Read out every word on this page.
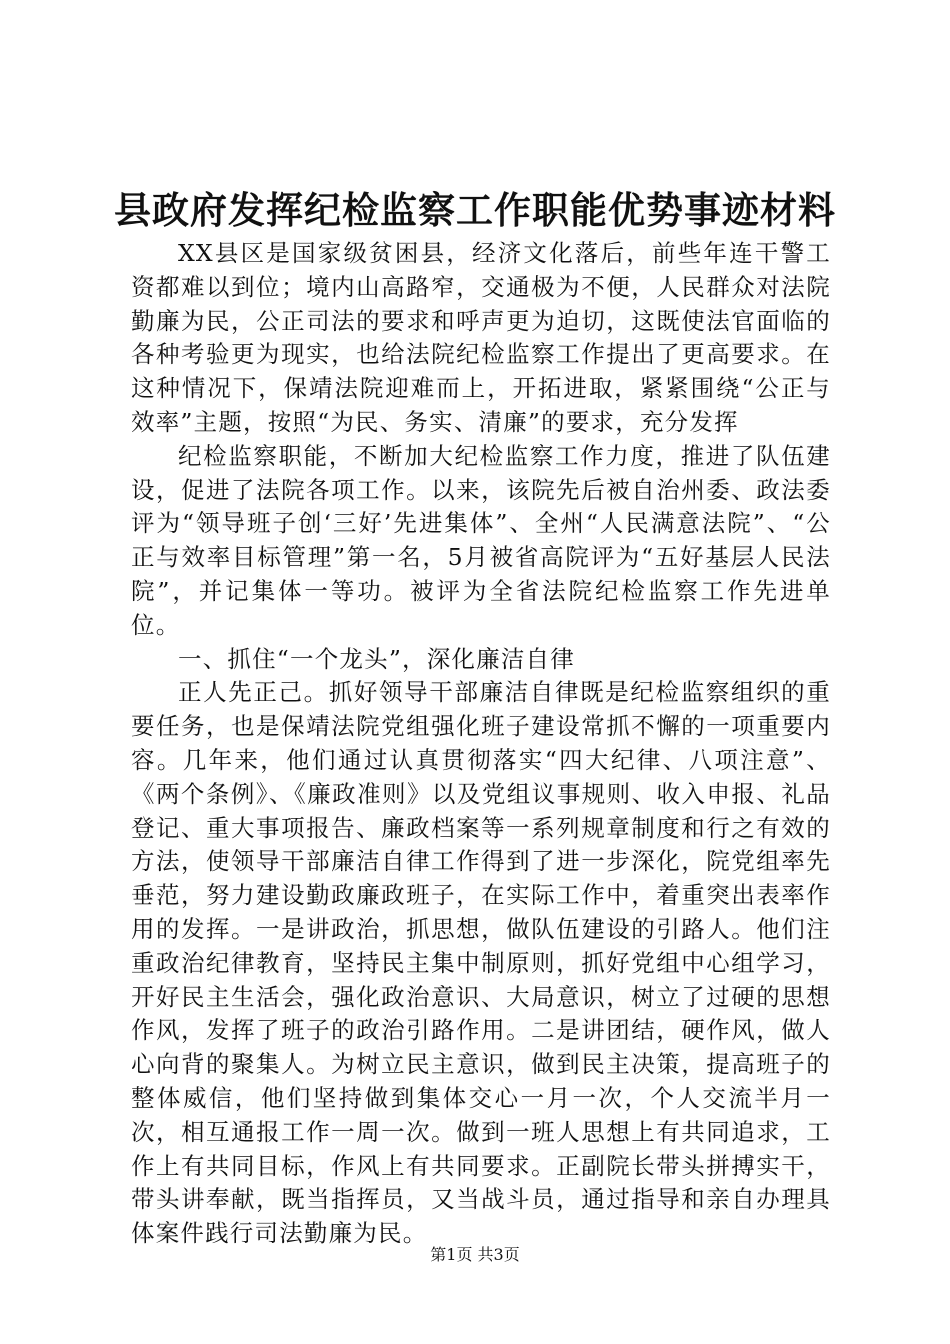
县政府发挥纪检监察工作职能优势事迹材料

XX县区是国家级贫困县，经济文化落后，前些年连干警工资都难以到位；境内山高路窄，交通极为不便，人民群众对法院勤廉为民，公正司法的要求和呼声更为迫切，这既使法官面临的各种考验更为现实，也给法院纪检监察工作提出了更高要求。在这种情况下，保靖法院迎难而上，开拓进取，紧紧围绕“公正与效率”主题，按照“为民、务实、清廉”的要求，充分发挥

纪检监察职能，不断加大纪检监察工作力度，推进了队伍建设，促进了法院各项工作。以来，该院先后被自治州委、政法委评为“领导班子创‘三好’先进集体”、全州“人民满意法院”、“公正与效率目标管理”第一名，5月被省高院评为“五好基层人民法院”，并记集体一等功。被评为全省法院纪检监察工作先进单位。

一、抓住“一个龙头”，深化廉洁自律

正人先正己。抓好领导干部廉洁自律既是纪检监察组织的重要任务，也是保靖法院党组强化班子建设常抓不懈的一项重要内容。几年来，他们通过认真贯彻落实“四大纪律、八项注意”、《两个条例》、《廉政准则》以及党组议事规则、收入申报、礼品登记、重大事项报告、廉政档案等一系列规章制度和行之有效的方法，使领导干部廉洁自律工作得到了进一步深化，院党组率先垂范，努力建设勤政廉政班子，在实际工作中，着重突出表率作用的发挥。一是讲政治，抓思想，做队伍建设的引路人。他们注重政治纪律教育，坚持民主集中制原则，抓好党组中心组学习，开好民主生活会，强化政治意识、大局意识，树立了过硬的思想作风，发挥了班子的政治引路作用。二是讲团结，硬作风，做人心向背的聚集人。为树立民主意识，做到民主决策，提高班子的整体威信，他们坚持做到集体交心一月一次，个人交流半月一次，相互通报工作一周一次。做到一班人思想上有共同追求，工作上有共同目标，作风上有共同要求。正副院长带头拼搏实干，带头讲奉献，既当指挥员，又当战斗员，通过指导和亲自办理具体案件践行司法勤廉为民。

第1页 共3页
